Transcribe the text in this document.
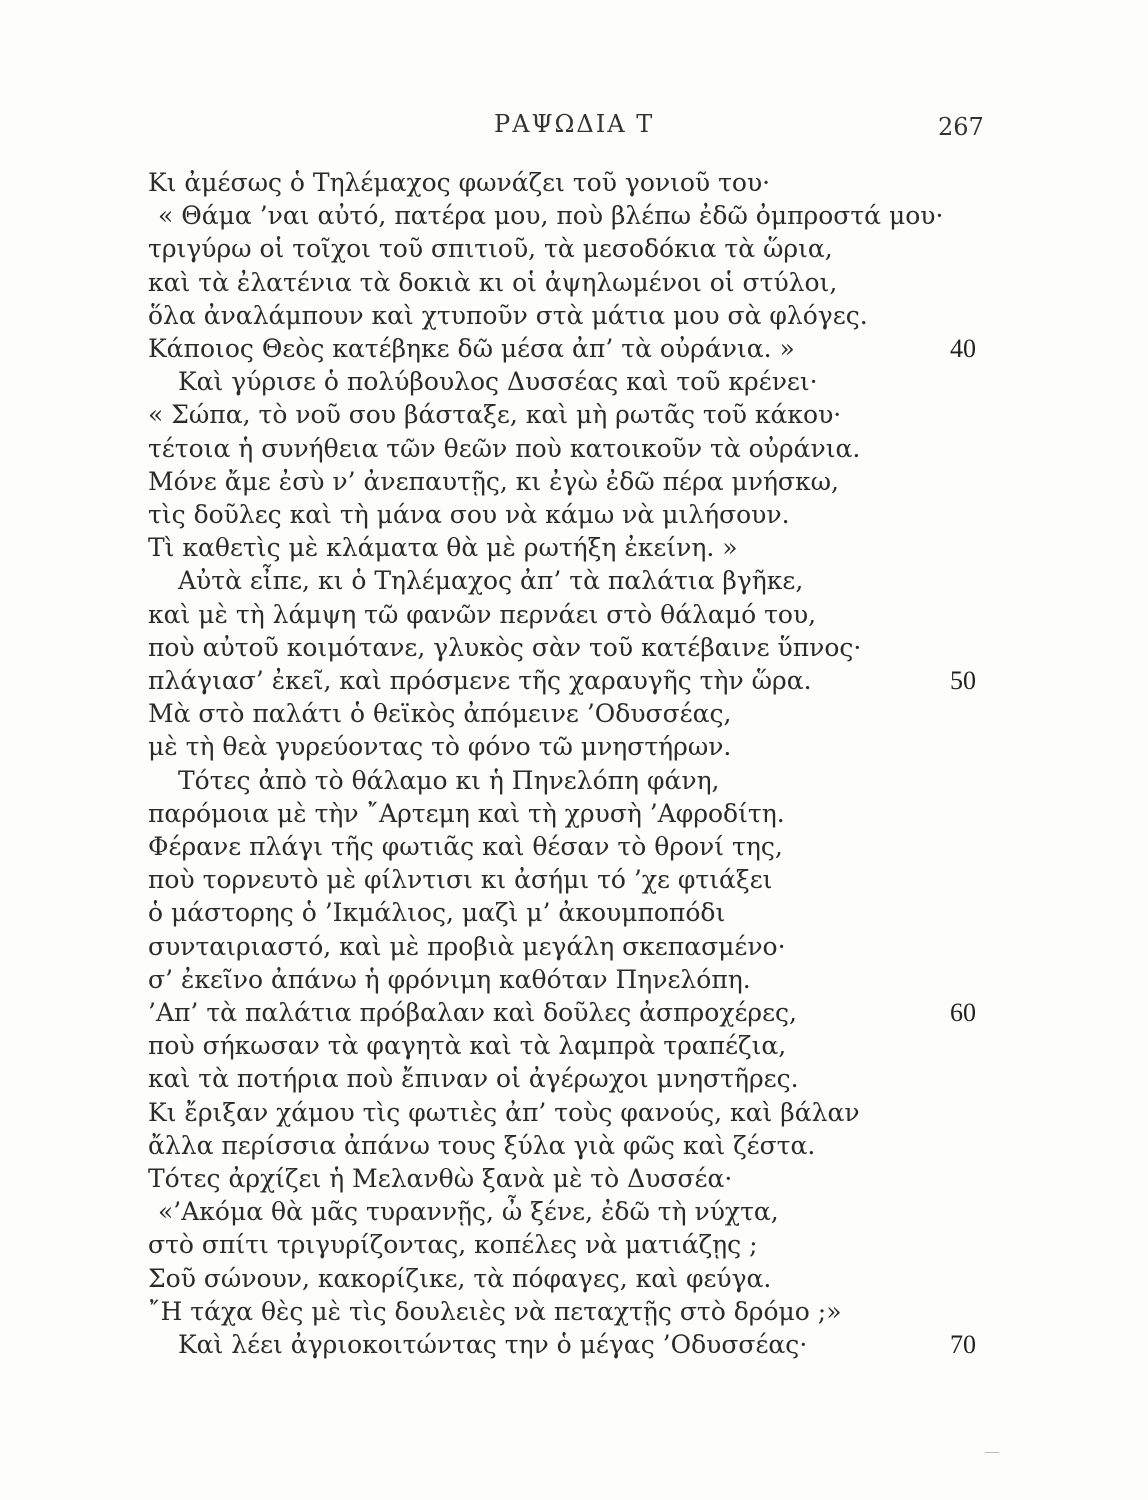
ΡΑΨΩΔΙΑ Τ	267
Κι ἀμέσως ὁ Τηλέμαχος φωνάζει τοῦ γονιοῦ του·
« Θάμα ’ναι αὐτό, πατέρα μου, ποὺ βλέπω ἐδῶ ὀμπροστά μου·
τριγύρω οἱ τοῖχοι τοῦ σπιτιοῦ, τὰ μεσοδόκια τὰ ὥρια,
καὶ τὰ ἐλατένια τὰ δοκιὰ κι οἱ ἀψηλωμένοι οἱ στύλοι,
ὅλα ἀναλάμπουν καὶ χτυποῦν στὰ μάτια μου σὰ φλόγες.
Κάποιος Θεὸς κατέβηκε δῶ μέσα ἀπ’ τὰ οὐράνια. »	40
Καὶ γύρισε ὁ πολύβουλος Δυσσέας καὶ τοῦ κρένει·
« Σώπα, τὸ νοῦ σου βάσταξε, καὶ μὴ ρωτᾶς τοῦ κάκου·
τέτοια ἡ συνήθεια τῶν θεῶν ποὺ κατοικοῦν τὰ οὐράνια.
Μόνε ἄμε ἐσὺ ν’ ἀνεπαυτῇς, κι ἐγὼ ἐδῶ πέρα μνήσκω,
τὶς δοῦλες καὶ τὴ μάνα σου νὰ κάμω νὰ μιλήσουν.
Τὶ καθετὶς μὲ κλάματα θὰ μὲ ρωτήξη ἐκείνη. »
Αὐτὰ εἶπε, κι ὁ Τηλέμαχος ἀπ’ τὰ παλάτια βγῆκε,
καὶ μὲ τὴ λάμψη τῶ φανῶν περνάει στὸ θάλαμό του,
ποὺ αὐτοῦ κοιμότανε, γλυκὸς σὰν τοῦ κατέβαινε ὕπνος·
πλάγιασ’ ἐκεῖ, καὶ πρόσμενε τῆς χαραυγῆς τὴν ὥρα.	50
Μὰ στὸ παλάτι ὁ θεϊκὸς ἀπόμεινε ’Οδυσσέας,
μὲ τὴ θεὰ γυρεύοντας τὸ φόνο τῶ μνηστήρων.
Τότες ἀπὸ τὸ θάλαμο κι ἡ Πηνελόπη φάνη,
παρόμοια μὲ τὴν ῎Αρτεμη καὶ τὴ χρυσὴ ’Αφροδίτη.
Φέρανε πλάγι τῆς φωτιᾶς καὶ θέσαν τὸ θρονί της,
ποὺ τορνευτὸ μὲ φίλντισι κι ἀσήμι τό ’χε φτιάξει
ὁ μάστορης ὁ ’Ικμάλιος, μαζὶ μ’ ἀκουμποπόδι
συνταιριαστό, καὶ μὲ προβιὰ μεγάλη σκεπασμένο·
σ’ ἐκεῖνο ἀπάνω ἡ φρόνιμη καθόταν Πηνελόπη.
’Απ’ τὰ παλάτια πρόβαλαν καὶ δοῦλες ἀσπροχέρες,	60
ποὺ σήκωσαν τὰ φαγητὰ καὶ τὰ λαμπρὰ τραπέζια,
καὶ τὰ ποτήρια ποὺ ἔπιναν οἱ ἀγέρωχοι μνηστῆρες.
Κι ἔριξαν χάμου τὶς φωτιὲς ἀπ’ τοὺς φανούς, καὶ βάλαν
ἄλλα περίσσια ἀπάνω τους ξύλα γιὰ φῶς καὶ ζέστα.
Τότες ἀρχίζει ἡ Μελανθὼ ξανὰ μὲ τὸ Δυσσέα·
«’Ακόμα θὰ μᾶς τυραννῇς, ὦ ξένε, ἐδῶ τὴ νύχτα,
στὸ σπίτι τριγυρίζοντας, κοπέλες νὰ ματιάζῃς ;
Σοῦ σώνουν, κακορίζικε, τὰ πόφαγες, καὶ φεύγα.
῎Η τάχα θὲς μὲ τὶς δουλειὲς νὰ πεταχτῇς στὸ δρόμο ;»
Καὶ λέει ἀγριοκοιτώντας την ὁ μέγας ’Οδυσσέας·	70
